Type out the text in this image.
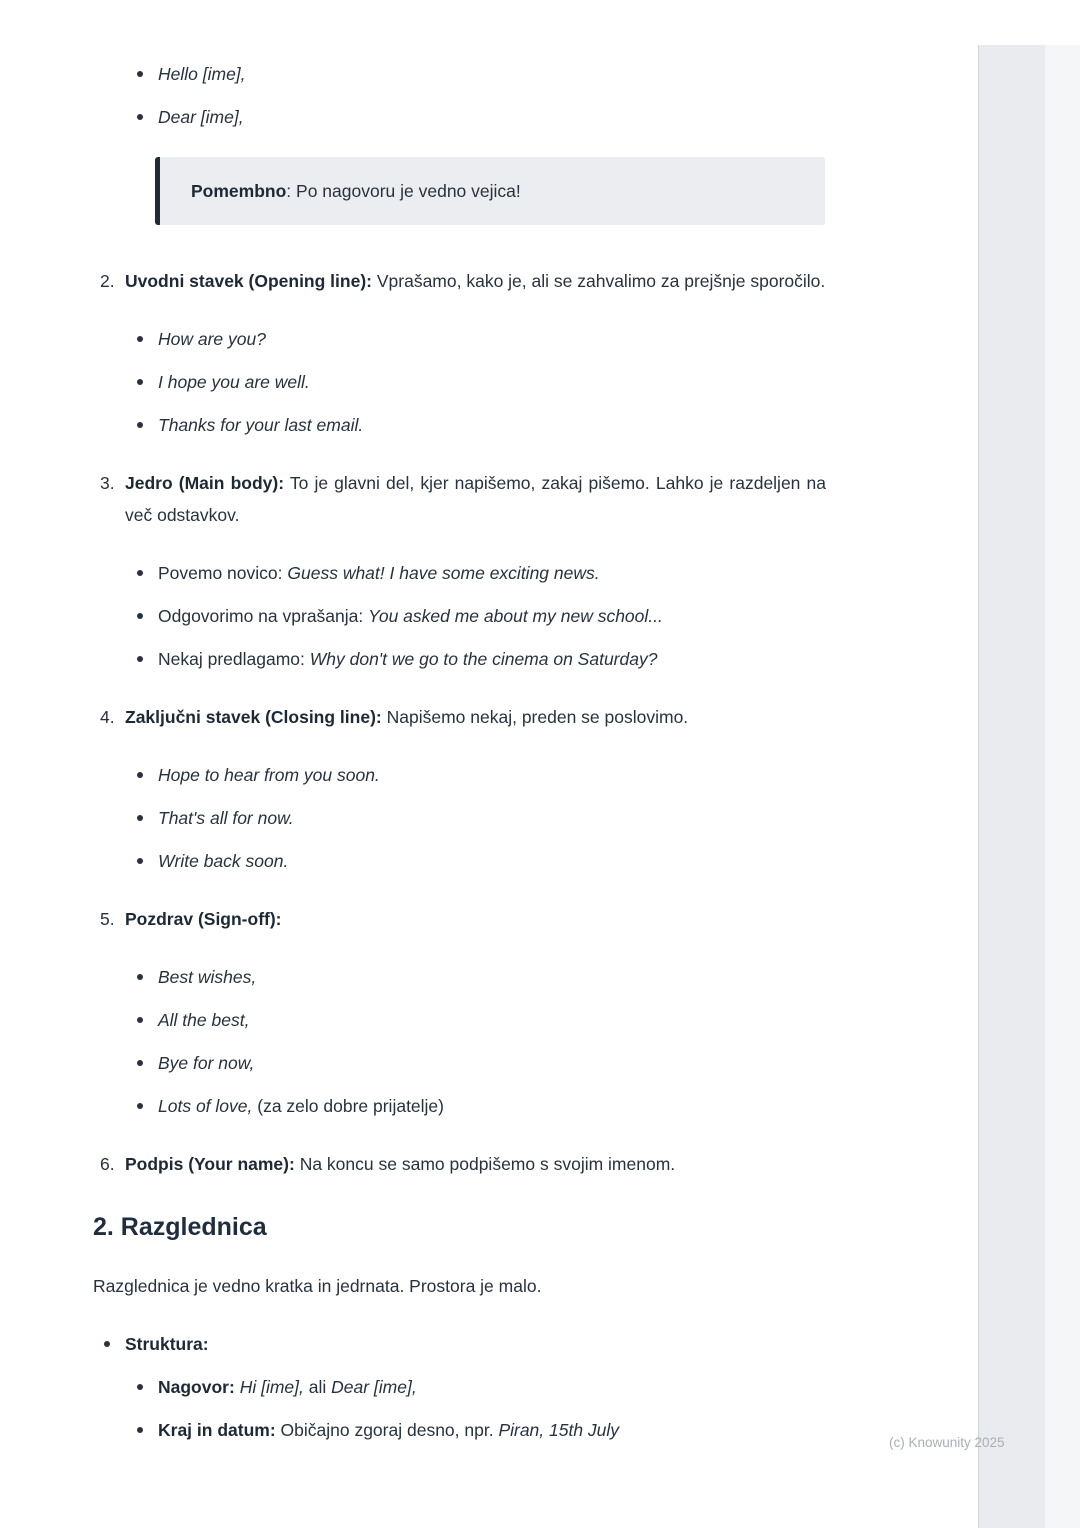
Hello [ime],
Dear [ime],

Pomembno: Po nagovoru je vedno vejica!

2. Uvodni stavek (Opening line): Vprašamo, kako je, ali se zahvalimo za prejšnje sporočilo.

How are you?
I hope you are well.
Thanks for your last email.
3. Jedro (Main body): To je glavni del, kjer napišemo, zakaj pišemo. Lahko je razdeljen na več odstavkov.

Povemo novico: Guess what! I have some exciting news.
Odgovorimo na vprašanja: You asked me about my new school...
Nekaj predlagamo: Why don't we go to the cinema on Saturday?
4. Zaključni stavek (Closing line): Napišemo nekaj, preden se poslovimo.

Hope to hear from you soon.
That's all for now.
Write back soon.
5. Pozdrav (Sign-off):

Best wishes,
All the best,
Bye for now,
Lots of love, (za zelo dobre prijatelje)
6. Podpis (Your name): Na koncu se samo podpišemo s svojim imenom.

2. Razglednica

Razglednica je vedno kratka in jedrnata. Prostora je malo.

Struktura:
Nagovor: Hi [ime], ali Dear [ime],
Kraj in datum: Običajno zgoraj desno, npr. Piran, 15th July
(c) Knowunity 2025
